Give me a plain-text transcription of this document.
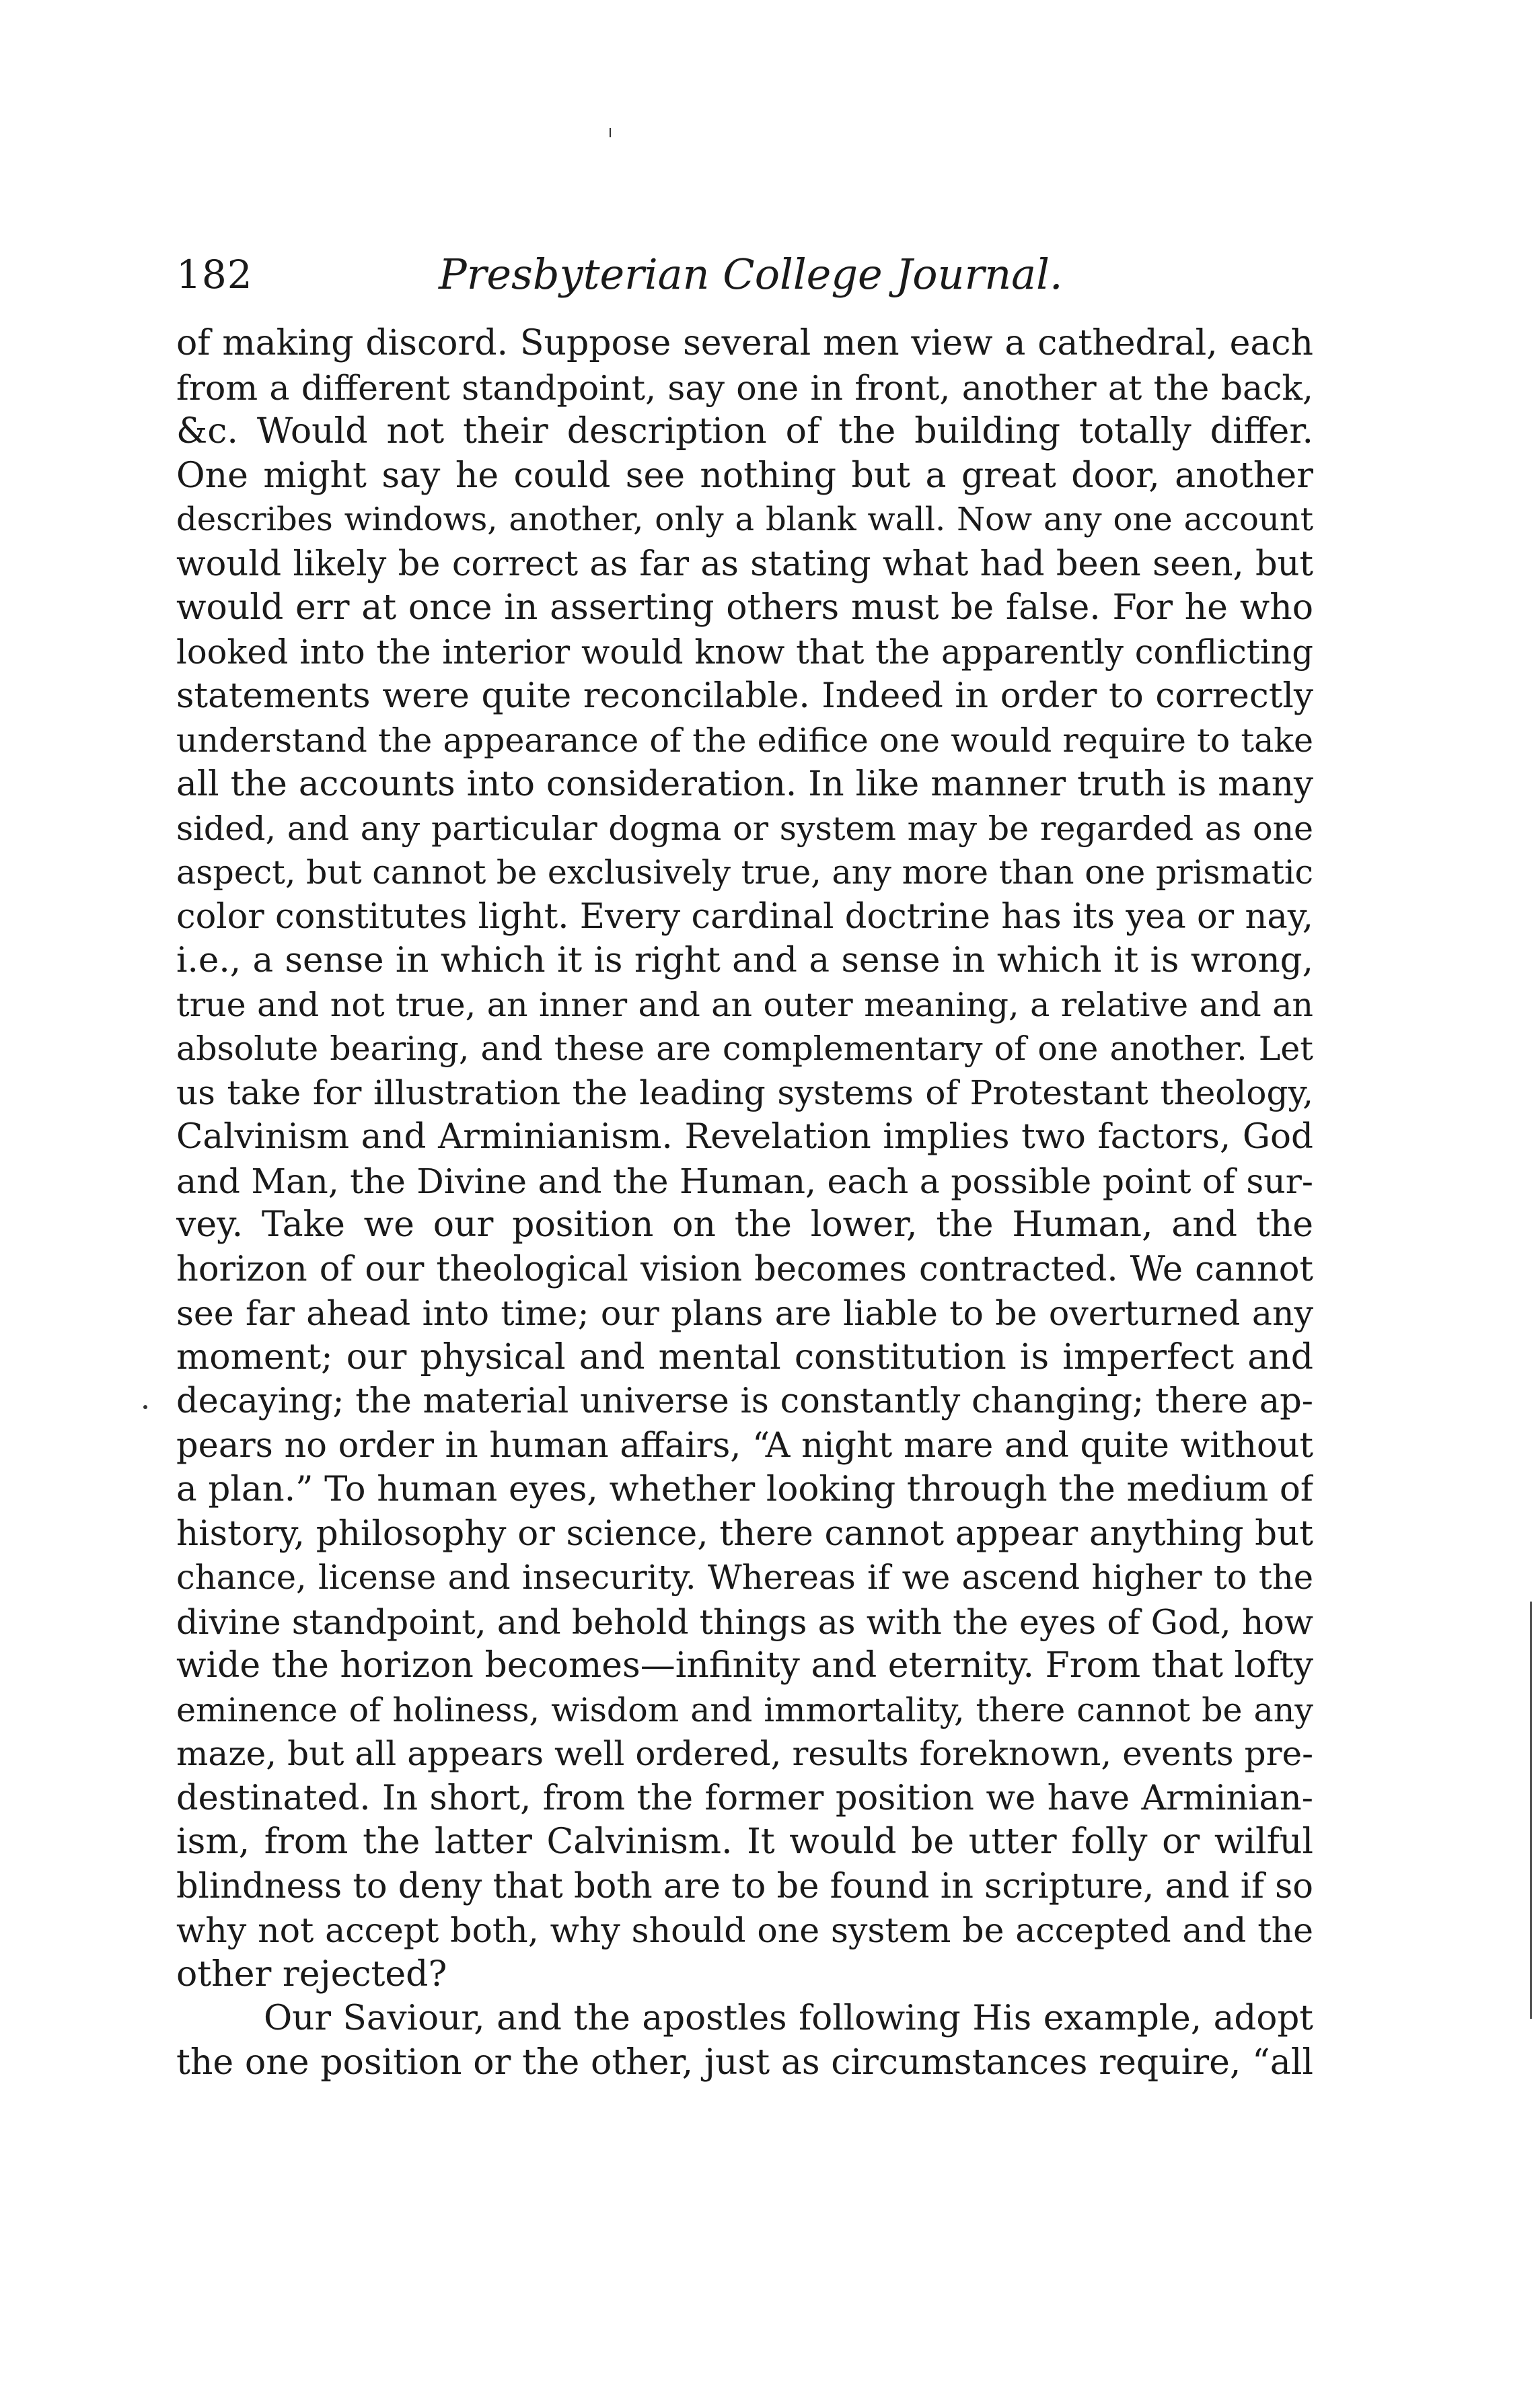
182	Presbyterian College Journal.
of making discord. Suppose several men view a cathedral, each
from a different standpoint, say one in front, another at the back,
&c. Would not their description of the building totally differ.
One might say he could see nothing but a great door, another
describes windows, another, only a blank wall. Now any one account
would likely be correct as far as stating what had been seen, but
would err at once in asserting others must be false. For he who
looked into the interior would know that the apparently conflicting
statements were quite reconcilable. Indeed in order to correctly
understand the appearance of the edifice one would require to take
all the accounts into consideration. In like manner truth is many
sided, and any particular dogma or system may be regarded as one
aspect, but cannot be exclusively true, any more than one prismatic
color constitutes light. Every cardinal doctrine has its yea or nay,
i.e., a sense in which it is right and a sense in which it is wrong,
true and not true, an inner and an outer meaning, a relative and an
absolute bearing, and these are complementary of one another. Let
us take for illustration the leading systems of Protestant theology,
Calvinism and Arminianism. Revelation implies two factors, God
and Man, the Divine and the Human, each a possible point of sur-
vey. Take we our position on the lower, the Human, and the
horizon of our theological vision becomes contracted. We cannot
see far ahead into time; our plans are liable to be overturned any
moment; our physical and mental constitution is imperfect and
decaying; the material universe is constantly changing; there ap-
pears no order in human affairs, “A night mare and quite without
a plan.” To human eyes, whether looking through the medium of
history, philosophy or science, there cannot appear anything but
chance, license and insecurity. Whereas if we ascend higher to the
divine standpoint, and behold things as with the eyes of God, how
wide the horizon becomes—infinity and eternity. From that lofty
eminence of holiness, wisdom and immortality, there cannot be any
maze, but all appears well ordered, results foreknown, events pre-
destinated. In short, from the former position we have Arminian-
ism, from the latter Calvinism. It would be utter folly or wilful
blindness to deny that both are to be found in scripture, and if so
why not accept both, why should one system be accepted and the
other rejected?
Our Saviour, and the apostles following His example, adopt
the one position or the other, just as circumstances require, “all
